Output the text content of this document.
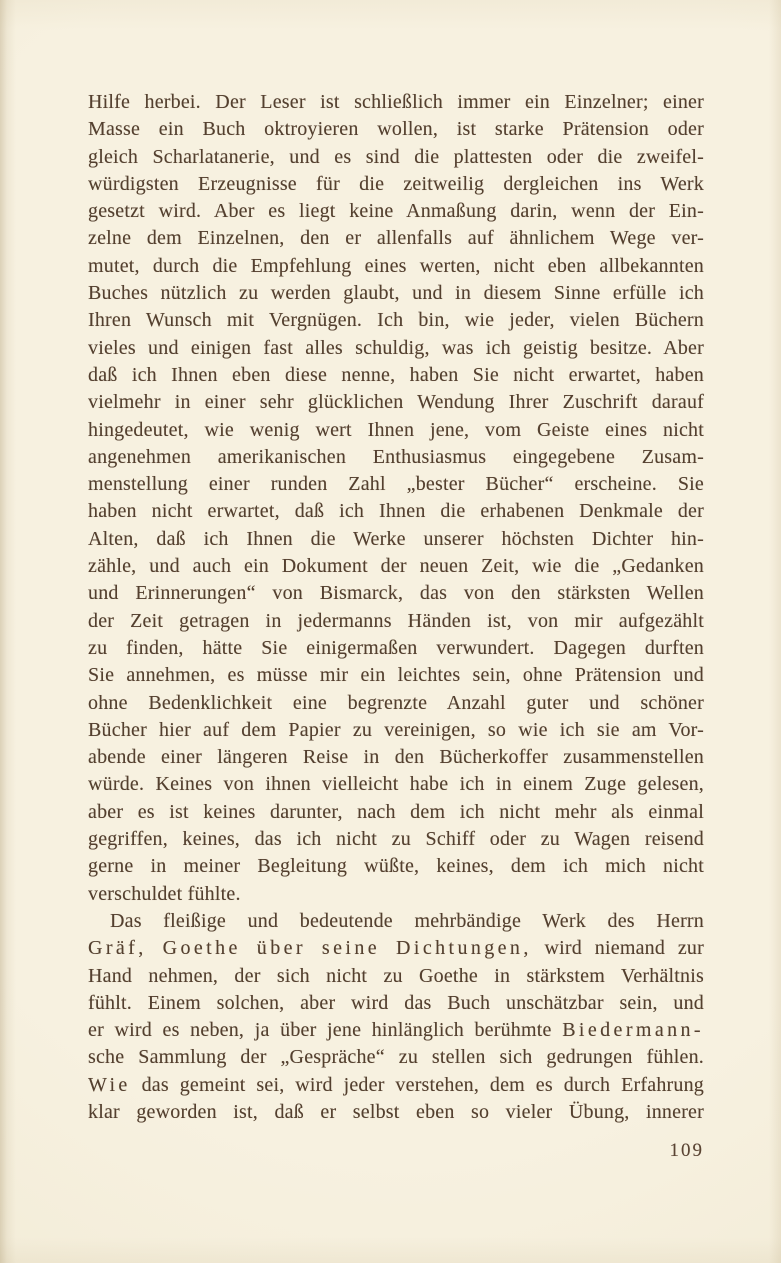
Hilfe herbei. Der Leser ist schließlich immer ein Einzelner; einer
Masse ein Buch oktroyieren wollen, ist starke Prätension oder
gleich Scharlatanerie, und es sind die plattesten oder die zweifel-
würdigsten Erzeugnisse für die zeitweilig dergleichen ins Werk
gesetzt wird. Aber es liegt keine Anmaßung darin, wenn der Ein-
zelne dem Einzelnen, den er allenfalls auf ähnlichem Wege ver-
mutet, durch die Empfehlung eines werten, nicht eben allbekannten
Buches nützlich zu werden glaubt, und in diesem Sinne erfülle ich
Ihren Wunsch mit Vergnügen. Ich bin, wie jeder, vielen Büchern
vieles und einigen fast alles schuldig, was ich geistig besitze. Aber
daß ich Ihnen eben diese nenne, haben Sie nicht erwartet, haben
vielmehr in einer sehr glücklichen Wendung Ihrer Zuschrift darauf
hingedeutet, wie wenig wert Ihnen jene, vom Geiste eines nicht
angenehmen amerikanischen Enthusiasmus eingegebene Zusam-
menstellung einer runden Zahl „bester Bücher“ erscheine. Sie
haben nicht erwartet, daß ich Ihnen die erhabenen Denkmale der
Alten, daß ich Ihnen die Werke unserer höchsten Dichter hin-
zähle, und auch ein Dokument der neuen Zeit, wie die „Gedanken
und Erinnerungen“ von Bismarck, das von den stärksten Wellen
der Zeit getragen in jedermanns Händen ist, von mir aufgezählt
zu finden, hätte Sie einigermaßen verwundert. Dagegen durften
Sie annehmen, es müsse mir ein leichtes sein, ohne Prätension und
ohne Bedenklichkeit eine begrenzte Anzahl guter und schöner
Bücher hier auf dem Papier zu vereinigen, so wie ich sie am Vor-
abende einer längeren Reise in den Bücherkoffer zusammenstellen
würde. Keines von ihnen vielleicht habe ich in einem Zuge gelesen,
aber es ist keines darunter, nach dem ich nicht mehr als einmal
gegriffen, keines, das ich nicht zu Schiff oder zu Wagen reisend
gerne in meiner Begleitung wüßte, keines, dem ich mich nicht
verschuldet fühlte.
Das fleißige und bedeutende mehrbändige Werk des Herrn
Gräf, Goethe über seine Dichtungen, wird niemand zur
Hand nehmen, der sich nicht zu Goethe in stärkstem Verhältnis
fühlt. Einem solchen, aber wird das Buch unschätzbar sein, und
er wird es neben, ja über jene hinlänglich berühmte Biedermann-
sche Sammlung der „Gespräche“ zu stellen sich gedrungen fühlen.
Wie das gemeint sei, wird jeder verstehen, dem es durch Erfahrung
klar geworden ist, daß er selbst eben so vieler Übung, innerer
109
